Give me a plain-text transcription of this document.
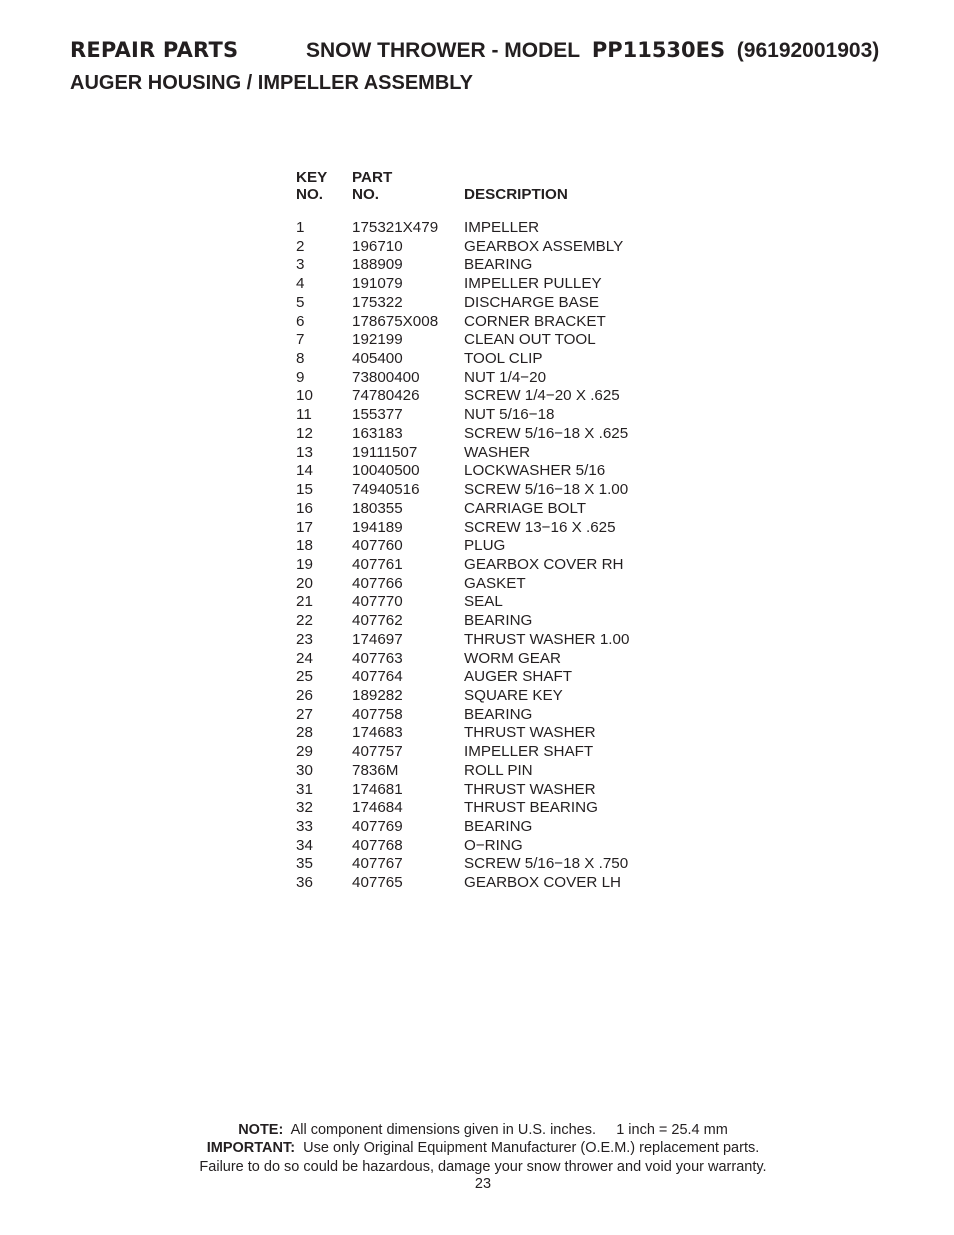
REPAIR PARTS	SNOW THROWER - MODEL PP11530ES (96192001903)
AUGER HOUSING / IMPELLER ASSEMBLY
KEY
NO.
PART
NO.	DESCRIPTION
1	175321X479 IMPELLER
2	196710	GEARBOX ASSEMBLY
3	188909	BEARING
4	191079	IMPELLER PULLEY
5	175322	DISCHARGE BASE
6	178675X008 CORNER BRACKET
7	192199	CLEAN OUT TOOL
8	405400	TOOL CLIP
9	73800400	NUT 1/4−20
10	74780426	SCREW 1/4−20 X .625
11	155377	NUT 5/16−18
12	163183	SCREW 5/16−18 X .625
13	19111507	WASHER
14	10040500	LOCKWASHER 5/16
15	74940516	SCREW 5/16−18 X 1.00
16	180355	CARRIAGE BOLT
17	194189	SCREW 13−16 X .625
18	407760	PLUG
19	407761	GEARBOX COVER RH
20	407766	GASKET
21	407770	SEAL
22	407762	BEARING
23	174697	THRUST WASHER 1.00
24	407763	WORM GEAR
25	407764	AUGER SHAFT
26	189282	SQUARE KEY
27	407758	BEARING
28	174683	THRUST WASHER
29	407757	IMPELLER SHAFT
30	7836M	ROLL PIN
31	174681	THRUST WASHER
32	174684	THRUST BEARING
33	407769	BEARING
34	407768	O−RING
35	407767	SCREW 5/16−18 X .750
36	407765	GEARBOX COVER LH
NOTE: All component dimensions given in U.S. inches. 1 inch = 25.4 mm
IMPORTANT: Use only Original Equipment Manufacturer (O.E.M.) replacement parts.
Failure to do so could be hazardous, damage your snow thrower and void your warranty.
23
